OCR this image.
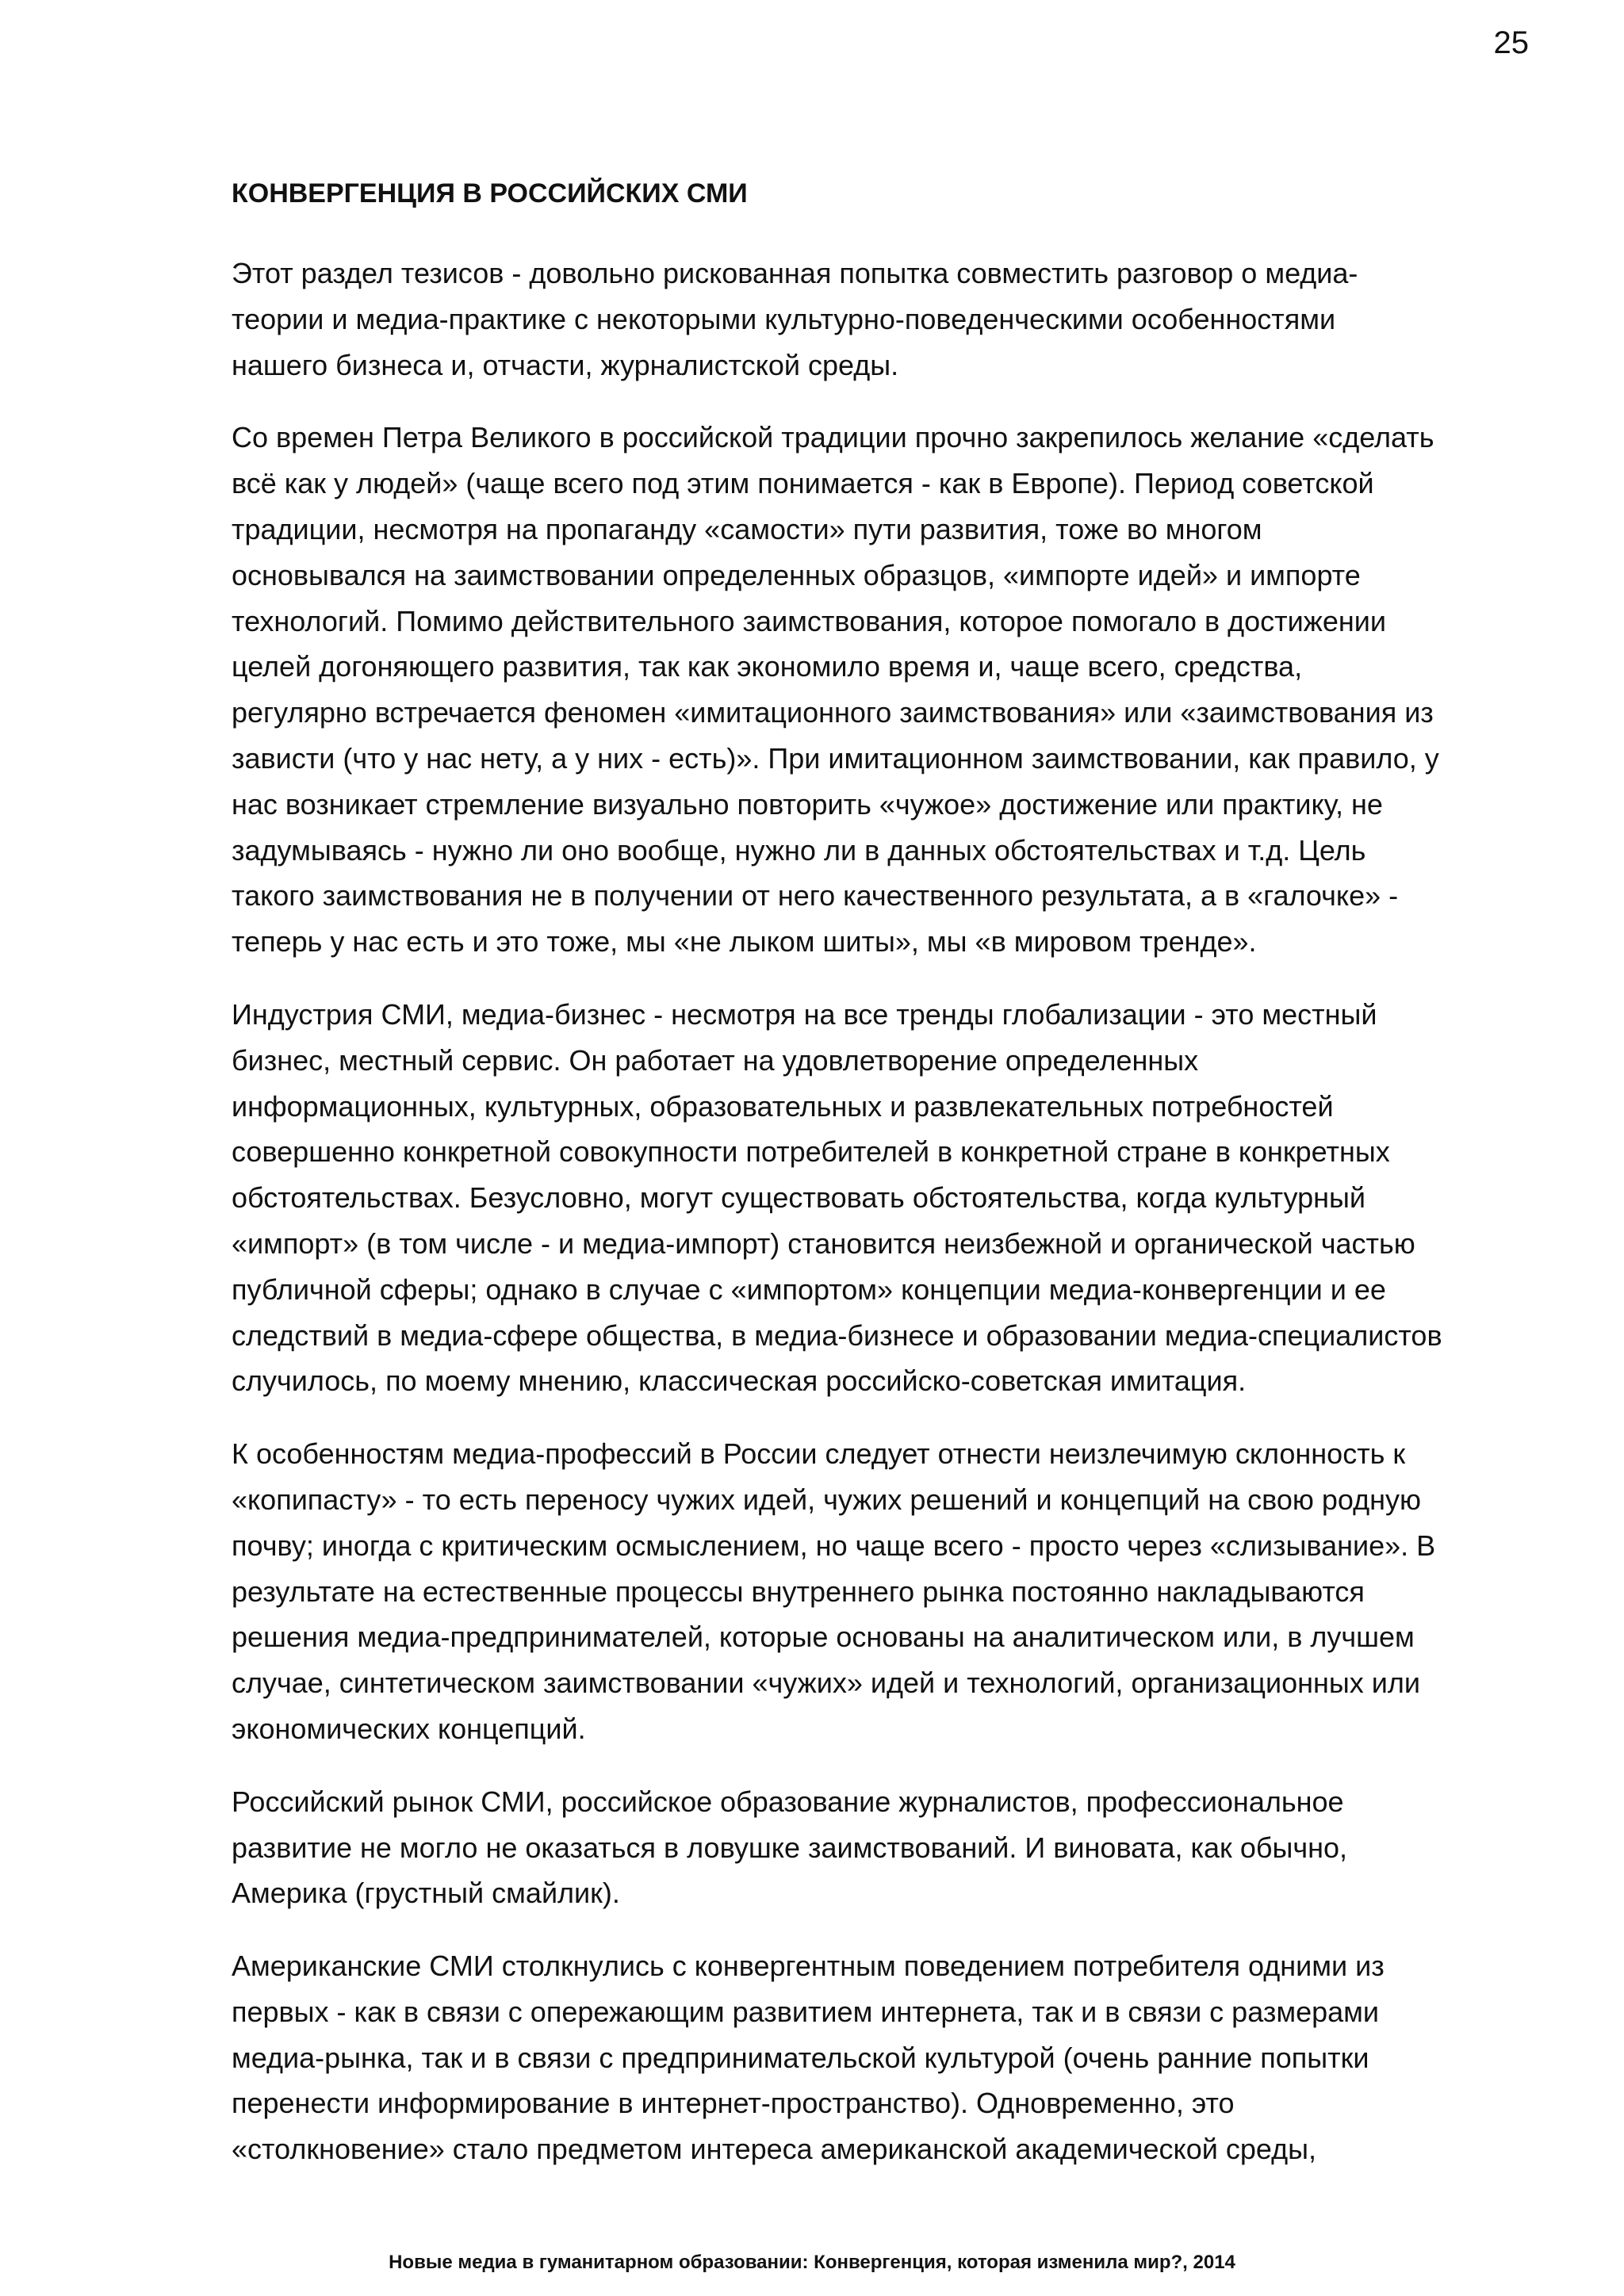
25
КОНВЕРГЕНЦИЯ В РОССИЙСКИХ СМИ
Этот раздел тезисов - довольно рискованная попытка совместить разговор о медиа-
теории и медиа-практике с некоторыми культурно-поведенческими особенностями
нашего бизнеса и, отчасти, журналистской среды.
Со времен Петра Великого в российской традиции прочно закрепилось желание «сделать
всё как у людей» (чаще всего под этим понимается - как в Европе). Период советской
традиции, несмотря на пропаганду «самости» пути развития, тоже во многом
основывался на заимствовании определенных образцов, «импорте идей» и импорте
технологий. Помимо действительного заимствования, которое помогало в достижении
целей догоняющего развития, так как экономило время и, чаще всего, средства,
регулярно встречается феномен «имитационного заимствования» или «заимствования из
зависти (что у нас нету, а у них - есть)». При имитационном заимствовании, как правило, у
нас возникает стремление визуально повторить «чужое» достижение или практику, не
задумываясь - нужно ли оно вообще, нужно ли в данных обстоятельствах и т.д. Цель
такого заимствования не в получении от него качественного результата, а в «галочке» -
теперь у нас есть и это тоже, мы «не лыком шиты», мы «в мировом тренде».
Индустрия СМИ, медиа-бизнес - несмотря на все тренды глобализации - это местный
бизнес, местный сервис. Он работает на удовлетворение определенных
информационных, культурных, образовательных и развлекательных потребностей
совершенно конкретной совокупности потребителей в конкретной стране в конкретных
обстоятельствах. Безусловно, могут существовать обстоятельства, когда культурный
«импорт» (в том числе - и медиа-импорт) становится неизбежной и органической частью
публичной сферы; однако в случае с «импортом» концепции медиа-конвергенции и ее
следствий в медиа-сфере общества, в медиа-бизнесе и образовании медиа-специалистов
случилось, по моему мнению, классическая российско-советская имитация.
К особенностям медиа-профессий в России следует отнести неизлечимую склонность к
«копипасту» - то есть переносу чужих идей, чужих решений и концепций на свою родную
почву; иногда с критическим осмыслением, но чаще всего - просто через «слизывание». В
результате на естественные процессы внутреннего рынка постоянно накладываются
решения медиа-предпринимателей, которые основаны на аналитическом или, в лучшем
случае, синтетическом заимствовании «чужих» идей и технологий, организационных или
экономических концепций.
Российский рынок СМИ, российское образование журналистов, профессиональное
развитие не могло не оказаться в ловушке заимствований. И виновата, как обычно,
Америка (грустный смайлик).
Американские СМИ столкнулись с конвергентным поведением потребителя одними из
первых - как в связи с опережающим развитием интернета, так и в связи с размерами
медиа-рынка, так и в связи с предпринимательской культурой (очень ранние попытки
перенести информирование в интернет-пространство). Одновременно, это
«столкновение» стало предметом интереса американской академической среды,
Новые медиа в гуманитарном образовании: Конвергенция, которая изменила мир?, 2014
